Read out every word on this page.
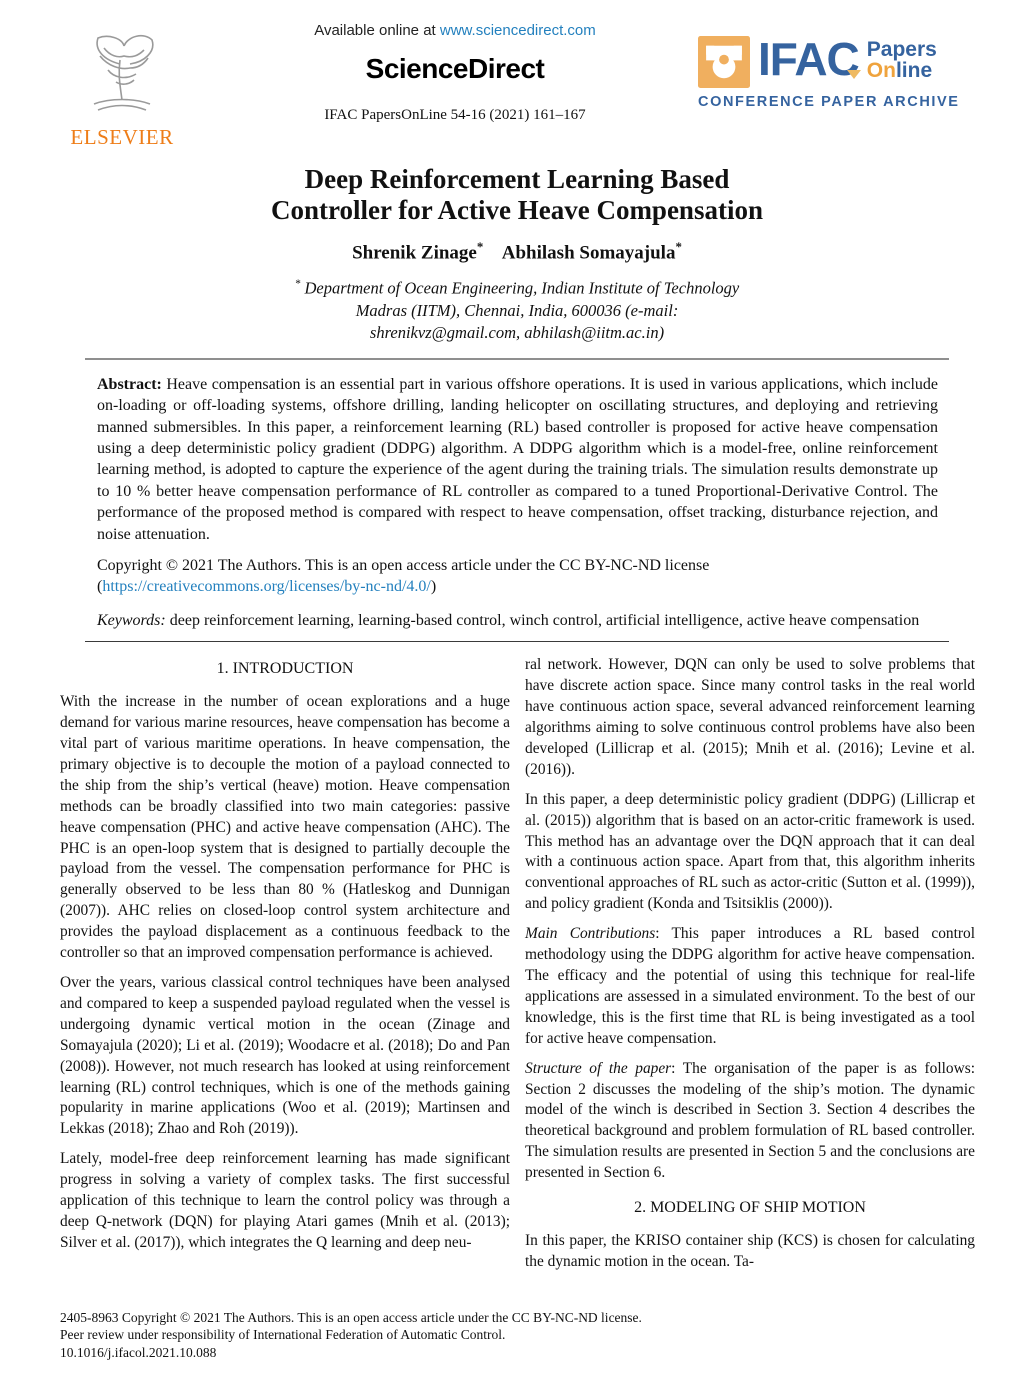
ELSEVIER
Available online at www.sciencedirect.com
ScienceDirect
IFAC PapersOnLine 54-16 (2021) 161–167
IFAC Papers
Online
CONFERENCE PAPER ARCHIVE
Deep Reinforcement Learning Based
Controller for Active Heave Compensation
Shrenik Zinage* Abhilash Somayajula*
* Department of Ocean Engineering, Indian Institute of Technology
Madras (IITM), Chennai, India, 600036 (e-mail:
shrenikvz@gmail.com, abhilash@iitm.ac.in)
Abstract: Heave compensation is an essential part in various offshore operations. It is used in various applications, which include on-loading or off-loading systems, offshore drilling, landing helicopter on oscillating structures, and deploying and retrieving manned submersibles. In this paper, a reinforcement learning (RL) based controller is proposed for active heave compensation using a deep deterministic policy gradient (DDPG) algorithm. A DDPG algorithm which is a model-free, online reinforcement learning method, is adopted to capture the experience of the agent during the training trials. The simulation results demonstrate up to 10 % better heave compensation performance of RL controller as compared to a tuned Proportional-Derivative Control. The performance of the proposed method is compared with respect to heave compensation, offset tracking, disturbance rejection, and noise attenuation.
Copyright © 2021 The Authors. This is an open access article under the CC BY-NC-ND license (https://creativecommons.org/licenses/by-nc-nd/4.0/)
Keywords: deep reinforcement learning, learning-based control, winch control, artificial intelligence, active heave compensation
1. INTRODUCTION

With the increase in the number of ocean explorations and a huge demand for various marine resources, heave compensation has become a vital part of various maritime operations. In heave compensation, the primary objective is to decouple the motion of a payload connected to the ship from the ship’s vertical (heave) motion. Heave compensation methods can be broadly classified into two main categories: passive heave compensation (PHC) and active heave compensation (AHC). The PHC is an open-loop system that is designed to partially decouple the payload from the vessel. The compensation performance for PHC is generally observed to be less than 80 % (Hatleskog and Dunnigan (2007)). AHC relies on closed-loop control system architecture and provides the payload displacement as a continuous feedback to the controller so that an improved compensation performance is achieved.

Over the years, various classical control techniques have been analysed and compared to keep a suspended payload regulated when the vessel is undergoing dynamic vertical motion in the ocean (Zinage and Somayajula (2020); Li et al. (2019); Woodacre et al. (2018); Do and Pan (2008)). However, not much research has looked at using reinforcement learning (RL) control techniques, which is one of the methods gaining popularity in marine applications (Woo et al. (2019); Martinsen and Lekkas (2018); Zhao and Roh (2019)).

Lately, model-free deep reinforcement learning has made significant progress in solving a variety of complex tasks. The first successful application of this technique to learn the control policy was through a deep Q-network (DQN) for playing Atari games (Mnih et al. (2013); Silver et al. (2017)), which integrates the Q learning and deep neu-

ral network. However, DQN can only be used to solve problems that have discrete action space. Since many control tasks in the real world have continuous action space, several advanced reinforcement learning algorithms aiming to solve continuous control problems have also been developed (Lillicrap et al. (2015); Mnih et al. (2016); Levine et al. (2016)).

In this paper, a deep deterministic policy gradient (DDPG) (Lillicrap et al. (2015)) algorithm that is based on an actor-critic framework is used. This method has an advantage over the DQN approach that it can deal with a continuous action space. Apart from that, this algorithm inherits conventional approaches of RL such as actor-critic (Sutton et al. (1999)), and policy gradient (Konda and Tsitsiklis (2000)).

Main Contributions: This paper introduces a RL based control methodology using the DDPG algorithm for active heave compensation. The efficacy and the potential of using this technique for real-life applications are assessed in a simulated environment. To the best of our knowledge, this is the first time that RL is being investigated as a tool for active heave compensation.

Structure of the paper: The organisation of the paper is as follows: Section 2 discusses the modeling of the ship’s motion. The dynamic model of the winch is described in Section 3. Section 4 describes the theoretical background and problem formulation of RL based controller. The simulation results are presented in Section 5 and the conclusions are presented in Section 6.

2. MODELING OF SHIP MOTION

In this paper, the KRISO container ship (KCS) is chosen for calculating the dynamic motion in the ocean. Ta-

2405-8963 Copyright © 2021 The Authors. This is an open access article under the CC BY-NC-ND license.
Peer review under responsibility of International Federation of Automatic Control.
10.1016/j.ifacol.2021.10.088
